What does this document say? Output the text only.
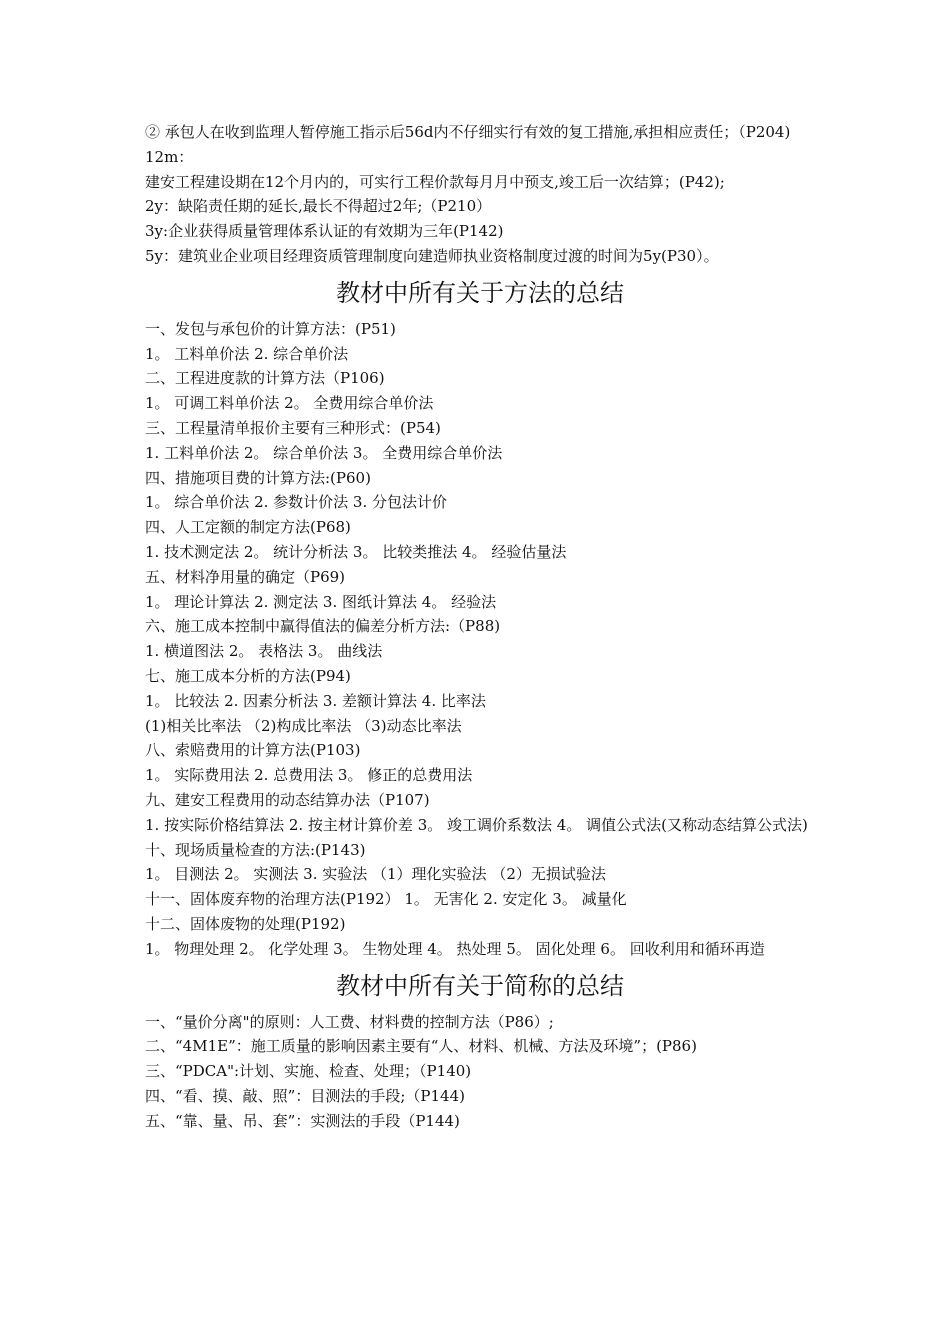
② 承包人在收到监理人暂停施工指示后56d内不仔细实行有效的复工措施,承担相应责任；（P204)

12m：

建安工程建设期在12个月内的，可实行工程价款每月月中预支,竣工后一次结算；(P42);

2y：缺陷责任期的延长,最长不得超过2年;（P210）

3y:企业获得质量管理体系认证的有效期为三年(P142)

5y：建筑业企业项目经理资质管理制度向建造师执业资格制度过渡的时间为5y(P30）。

教材中所有关于方法的总结

一、发包与承包价的计算方法：(P51)

1。 工料单价法 2. 综合单价法

二、工程进度款的计算方法（P106)

1。 可调工料单价法 2。 全费用综合单价法

三、工程量清单报价主要有三种形式：(P54)

1. 工料单价法 2。 综合单价法 3。 全费用综合单价法

四、措施项目费的计算方法:(P60)

1。 综合单价法 2. 参数计价法 3. 分包法计价

四、人工定额的制定方法(P68)

1. 技术测定法 2。 统计分析法 3。 比较类推法 4。 经验估量法

五、材料净用量的确定（P69)

1。 理论计算法 2. 测定法 3. 图纸计算法 4。 经验法

六、施工成本控制中赢得值法的偏差分析方法:（P88)

1. 横道图法 2。 表格法 3。 曲线法

七、施工成本分析的方法(P94)

1。 比较法 2. 因素分析法 3. 差额计算法 4. 比率法

(1)相关比率法 （2)构成比率法 （3)动态比率法

八、索赔费用的计算方法(P103)

1。 实际费用法 2. 总费用法 3。 修正的总费用法

九、建安工程费用的动态结算办法（P107)

1. 按实际价格结算法 2. 按主材计算价差 3。 竣工调价系数法 4。 调值公式法(又称动态结算公式法)

十、现场质量检查的方法:(P143)

1。 目测法 2。 实测法 3. 实验法 （1）理化实验法 （2）无损试验法

十一、固体废弃物的治理方法(P192） 1。 无害化 2. 安定化 3。 减量化

十二、固体废物的处理(P192)

1。 物理处理 2。 化学处理 3。 生物处理 4。 热处理 5。 固化处理 6。 回收利用和循环再造

教材中所有关于简称的总结

一、“量价分离"的原则：人工费、材料费的控制方法（P86）;

二、“4M1E”：施工质量的影响因素主要有“人、材料、机械、方法及环境”；(P86)

三、“PDCA":计划、实施、检查、处理；（P140)

四、“看、摸、敲、照”：目测法的手段;（P144)

五、“靠、量、吊、套”：实测法的手段（P144)
